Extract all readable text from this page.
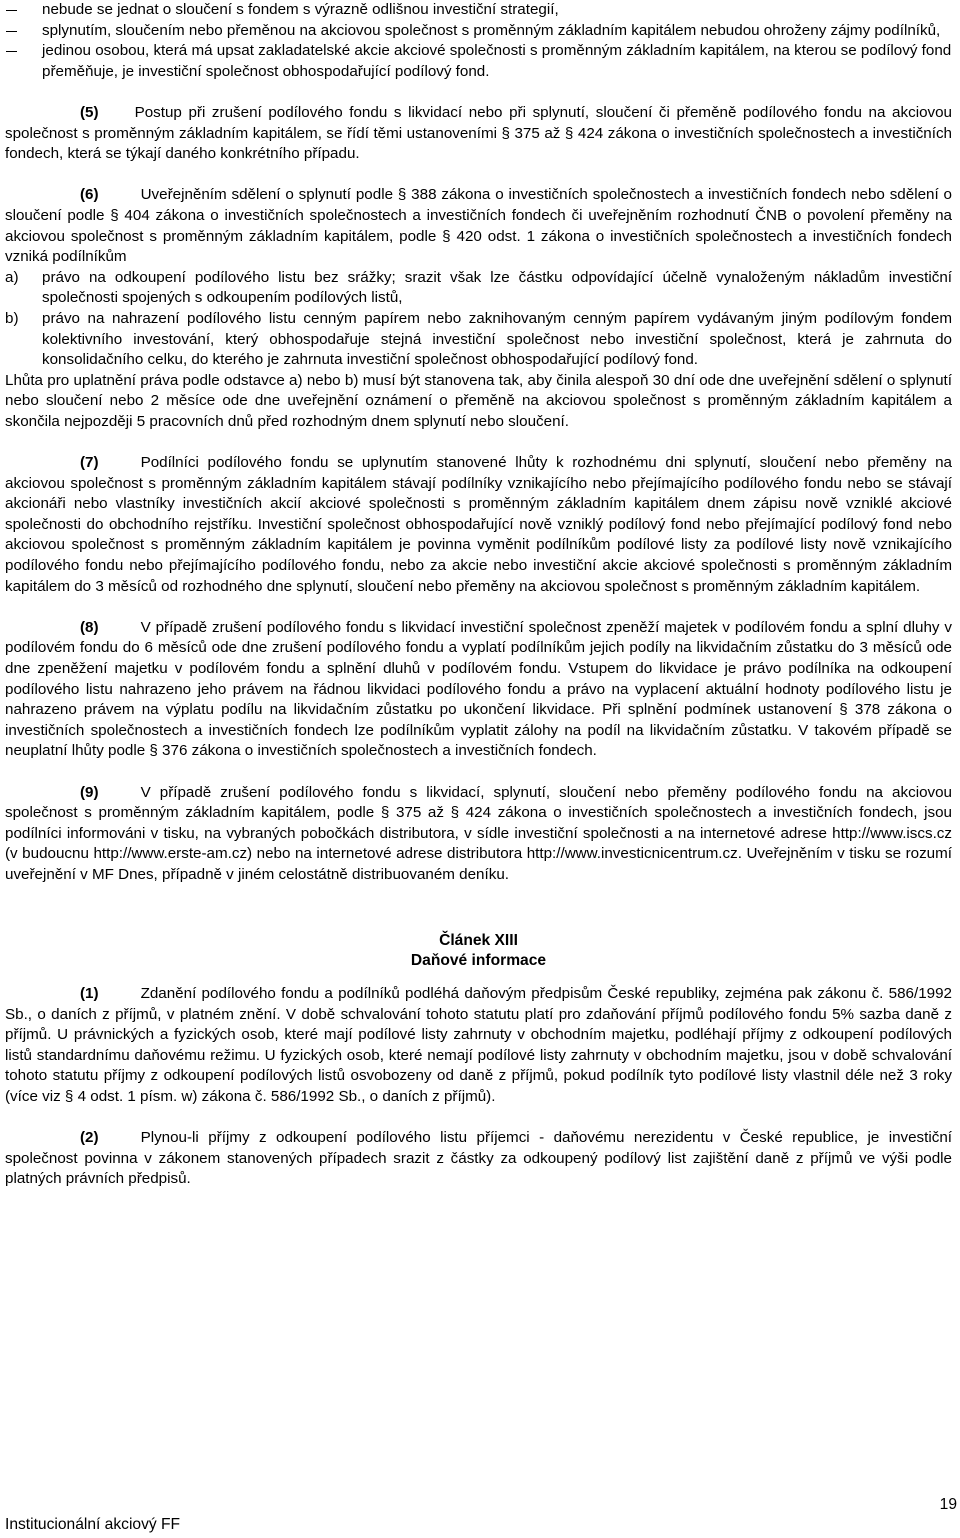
nebude se jednat o sloučení s fondem s výrazně odlišnou investiční strategií,
splynutím, sloučením nebo přeměnou na akciovou společnost s proměnným základním kapitálem nebudou ohroženy zájmy podílníků,
jedinou osobou, která má upsat zakladatelské akcie akciové společnosti s proměnným základním kapitálem, na kterou se podílový fond přeměňuje, je investiční společnost obhospodařující podílový fond.

(5) Postup při zrušení podílového fondu s likvidací nebo při splynutí, sloučení či přeměně podílového fondu na akciovou společnost s proměnným základním kapitálem, se řídí těmi ustanoveními § 375 až § 424 zákona o investičních společnostech a investičních fondech, která se týkají daného konkrétního případu.

(6)	Uveřejněním sdělení o splynutí podle § 388 zákona o investičních společnostech a investičních fondech nebo sdělení o sloučení podle § 404 zákona o investičních společnostech a investičních fondech či uveřejněním rozhodnutí ČNB o povolení přeměny na akciovou společnost s proměnným základním kapitálem, podle § 420 odst. 1 zákona o investičních společnostech a investičních fondech vzniká podílníkům

a) právo na odkoupení podílového listu bez srážky; srazit však lze částku odpovídající účelně vynaloženým nákladům investiční společnosti spojených s odkoupením podílových listů,
b) právo na nahrazení podílového listu cenným papírem nebo zaknihovaným cenným papírem vydávaným jiným podílovým fondem kolektivního investování, který obhospodařuje stejná investiční společnost nebo investiční společnost, která je zahrnuta do konsolidačního celku, do kterého je zahrnuta investiční společnost obhospodařující podílový fond.

Lhůta pro uplatnění práva podle odstavce a) nebo b) musí být stanovena tak, aby činila alespoň 30 dní ode dne uveřejnění sdělení o splynutí nebo sloučení nebo 2 měsíce ode dne uveřejnění oznámení o přeměně na akciovou společnost s proměnným základním kapitálem a skončila nejpozději 5 pracovních dnů před rozhodným dnem splynutí nebo sloučení.

(7)	Podílníci podílového fondu se uplynutím stanovené lhůty k rozhodnému dni splynutí, sloučení nebo přeměny na akciovou společnost s proměnným základním kapitálem stávají podílníky vznikajícího nebo přejímajícího podílového fondu nebo se stávají akcionáři nebo vlastníky investičních akcií akciové společnosti s proměnným základním kapitálem dnem zápisu nově vzniklé akciové společnosti do obchodního rejstříku. Investiční společnost obhospodařující nově vzniklý podílový fond nebo přejímající podílový fond nebo akciovou společnost s proměnným základním kapitálem je povinna vyměnit podílníkům podílové listy za podílové listy nově vznikajícího podílového fondu nebo přejímajícího podílového fondu, nebo za akcie nebo investiční akcie akciové společnosti s proměnným základním kapitálem do 3 měsíců od rozhodného dne splynutí, sloučení nebo přeměny na akciovou společnost s proměnným základním kapitálem.

(8)	V případě zrušení podílového fondu s likvidací investiční společnost zpeněží majetek v podílovém fondu a splní dluhy v podílovém fondu do 6 měsíců ode dne zrušení podílového fondu a vyplatí podílníkům jejich podíly na likvidačním zůstatku do 3 měsíců ode dne zpeněžení majetku v podílovém fondu a splnění dluhů v podílovém fondu. Vstupem do likvidace je právo podílníka na odkoupení podílového listu nahrazeno jeho právem na řádnou likvidaci podílového fondu a právo na vyplacení aktuální hodnoty podílového listu je nahrazeno právem na výplatu podílu na likvidačním zůstatku po ukončení likvidace. Při splnění podmínek ustanovení § 378 zákona o investičních společnostech a investičních fondech lze podílníkům vyplatit zálohy na podíl na likvidačním zůstatku. V takovém případě se neuplatní lhůty podle § 376 zákona o investičních společnostech a investičních fondech.

(9)	V případě zrušení podílového fondu s likvidací, splynutí, sloučení nebo přeměny podílového fondu na akciovou společnost s proměnným základním kapitálem, podle § 375 až § 424 zákona o investičních společnostech a investičních fondech, jsou podílníci informováni v tisku, na vybraných pobočkách distributora, v sídle investiční společnosti a na internetové adrese http://www.iscs.cz (v budoucnu http://www.erste-am.cz) nebo na internetové adrese distributora http://www.investicnicentrum.cz. Uveřejněním v tisku se rozumí uveřejnění v MF Dnes, případně v jiném celostátně distribuovaném deníku.

Článek XIII

Daňové informace

(1)	Zdanění podílového fondu a podílníků podléhá daňovým předpisům České republiky, zejména pak zákonu č. 586/1992 Sb., o daních z příjmů, v platném znění. V době schvalování tohoto statutu platí pro zdaňování příjmů podílového fondu 5% sazba daně z příjmů. U právnických a fyzických osob, které mají podílové listy zahrnuty v obchodním majetku, podléhají příjmy z odkoupení podílových listů standardnímu daňovému režimu. U fyzických osob, které nemají podílové listy zahrnuty v obchodním majetku, jsou v době schvalování tohoto statutu příjmy z odkoupení podílových listů osvobozeny od daně z příjmů, pokud podílník tyto podílové listy vlastnil déle než 3 roky (více viz § 4 odst. 1 písm. w) zákona č. 586/1992 Sb., o daních z příjmů).

(2)	Plynou-li příjmy z odkoupení podílového listu příjemci - daňovému nerezidentu v České republice, je investiční společnost povinna v zákonem stanovených případech srazit z částky za odkoupený podílový list zajištění daně z příjmů ve výši podle platných právních předpisů.

Institucionální akciový FF
19
